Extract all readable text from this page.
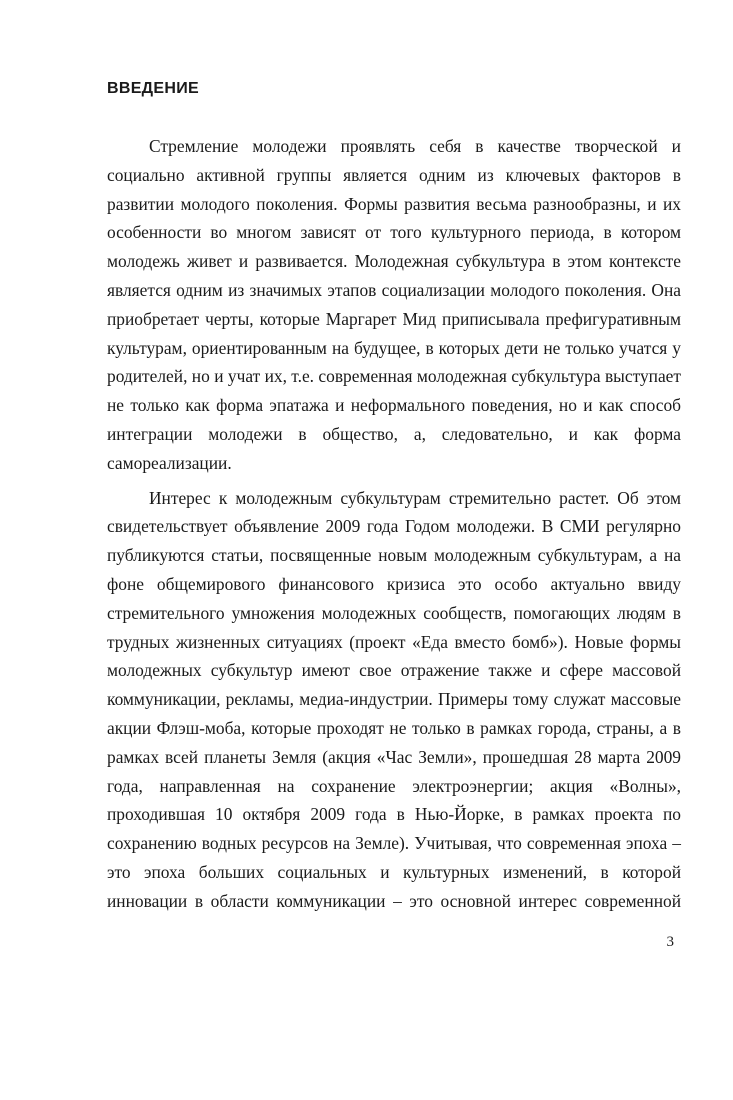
ВВЕДЕНИЕ

Стремление молодежи проявлять себя в качестве творческой и
социально активной группы является одним из ключевых факторов в
развитии молодого поколения. Формы развития весьма разнообразны, и их
особенности во многом зависят от того культурного периода, в котором
молодежь живет и развивается. Молодежная субкультура в этом контексте
является одним из значимых этапов социализации молодого поколения. Она
приобретает черты, которые Маргарет Мид приписывала префигуративным
культурам, ориентированным на будущее, в которых дети не только учатся у
родителей, но и учат их, т.е. современная молодежная субкультура выступает
не только как форма эпатажа и неформального поведения, но и как способ
интеграции молодежи в общество, а, следовательно, и как форма
самореализации.

Интерес к молодежным субкультурам стремительно растет. Об этом
свидетельствует объявление 2009 года Годом молодежи. В СМИ регулярно
публикуются статьи, посвященные новым молодежным субкультурам, а на
фоне общемирового финансового кризиса это особо актуально ввиду
стремительного умножения молодежных сообществ, помогающих людям в
трудных жизненных ситуациях (проект «Еда вместо бомб»). Новые формы
молодежных субкультур имеют свое отражение также и сфере массовой
коммуникации, рекламы, медиа-индустрии. Примеры тому служат массовые
акции Флэш-моба, которые проходят не только в рамках города, страны, а в
рамках всей планеты Земля (акция «Час Земли», прошедшая 28 марта 2009
года, направленная на сохранение электроэнергии; акция «Волны»,
проходившая 10 октября 2009 года в Нью-Йорке, в рамках проекта по
сохранению водных ресурсов на Земле). Учитывая, что современная эпоха –
это эпоха больших социальных и культурных изменений, в которой
инновации в области коммуникации – это основной интерес современной

3
